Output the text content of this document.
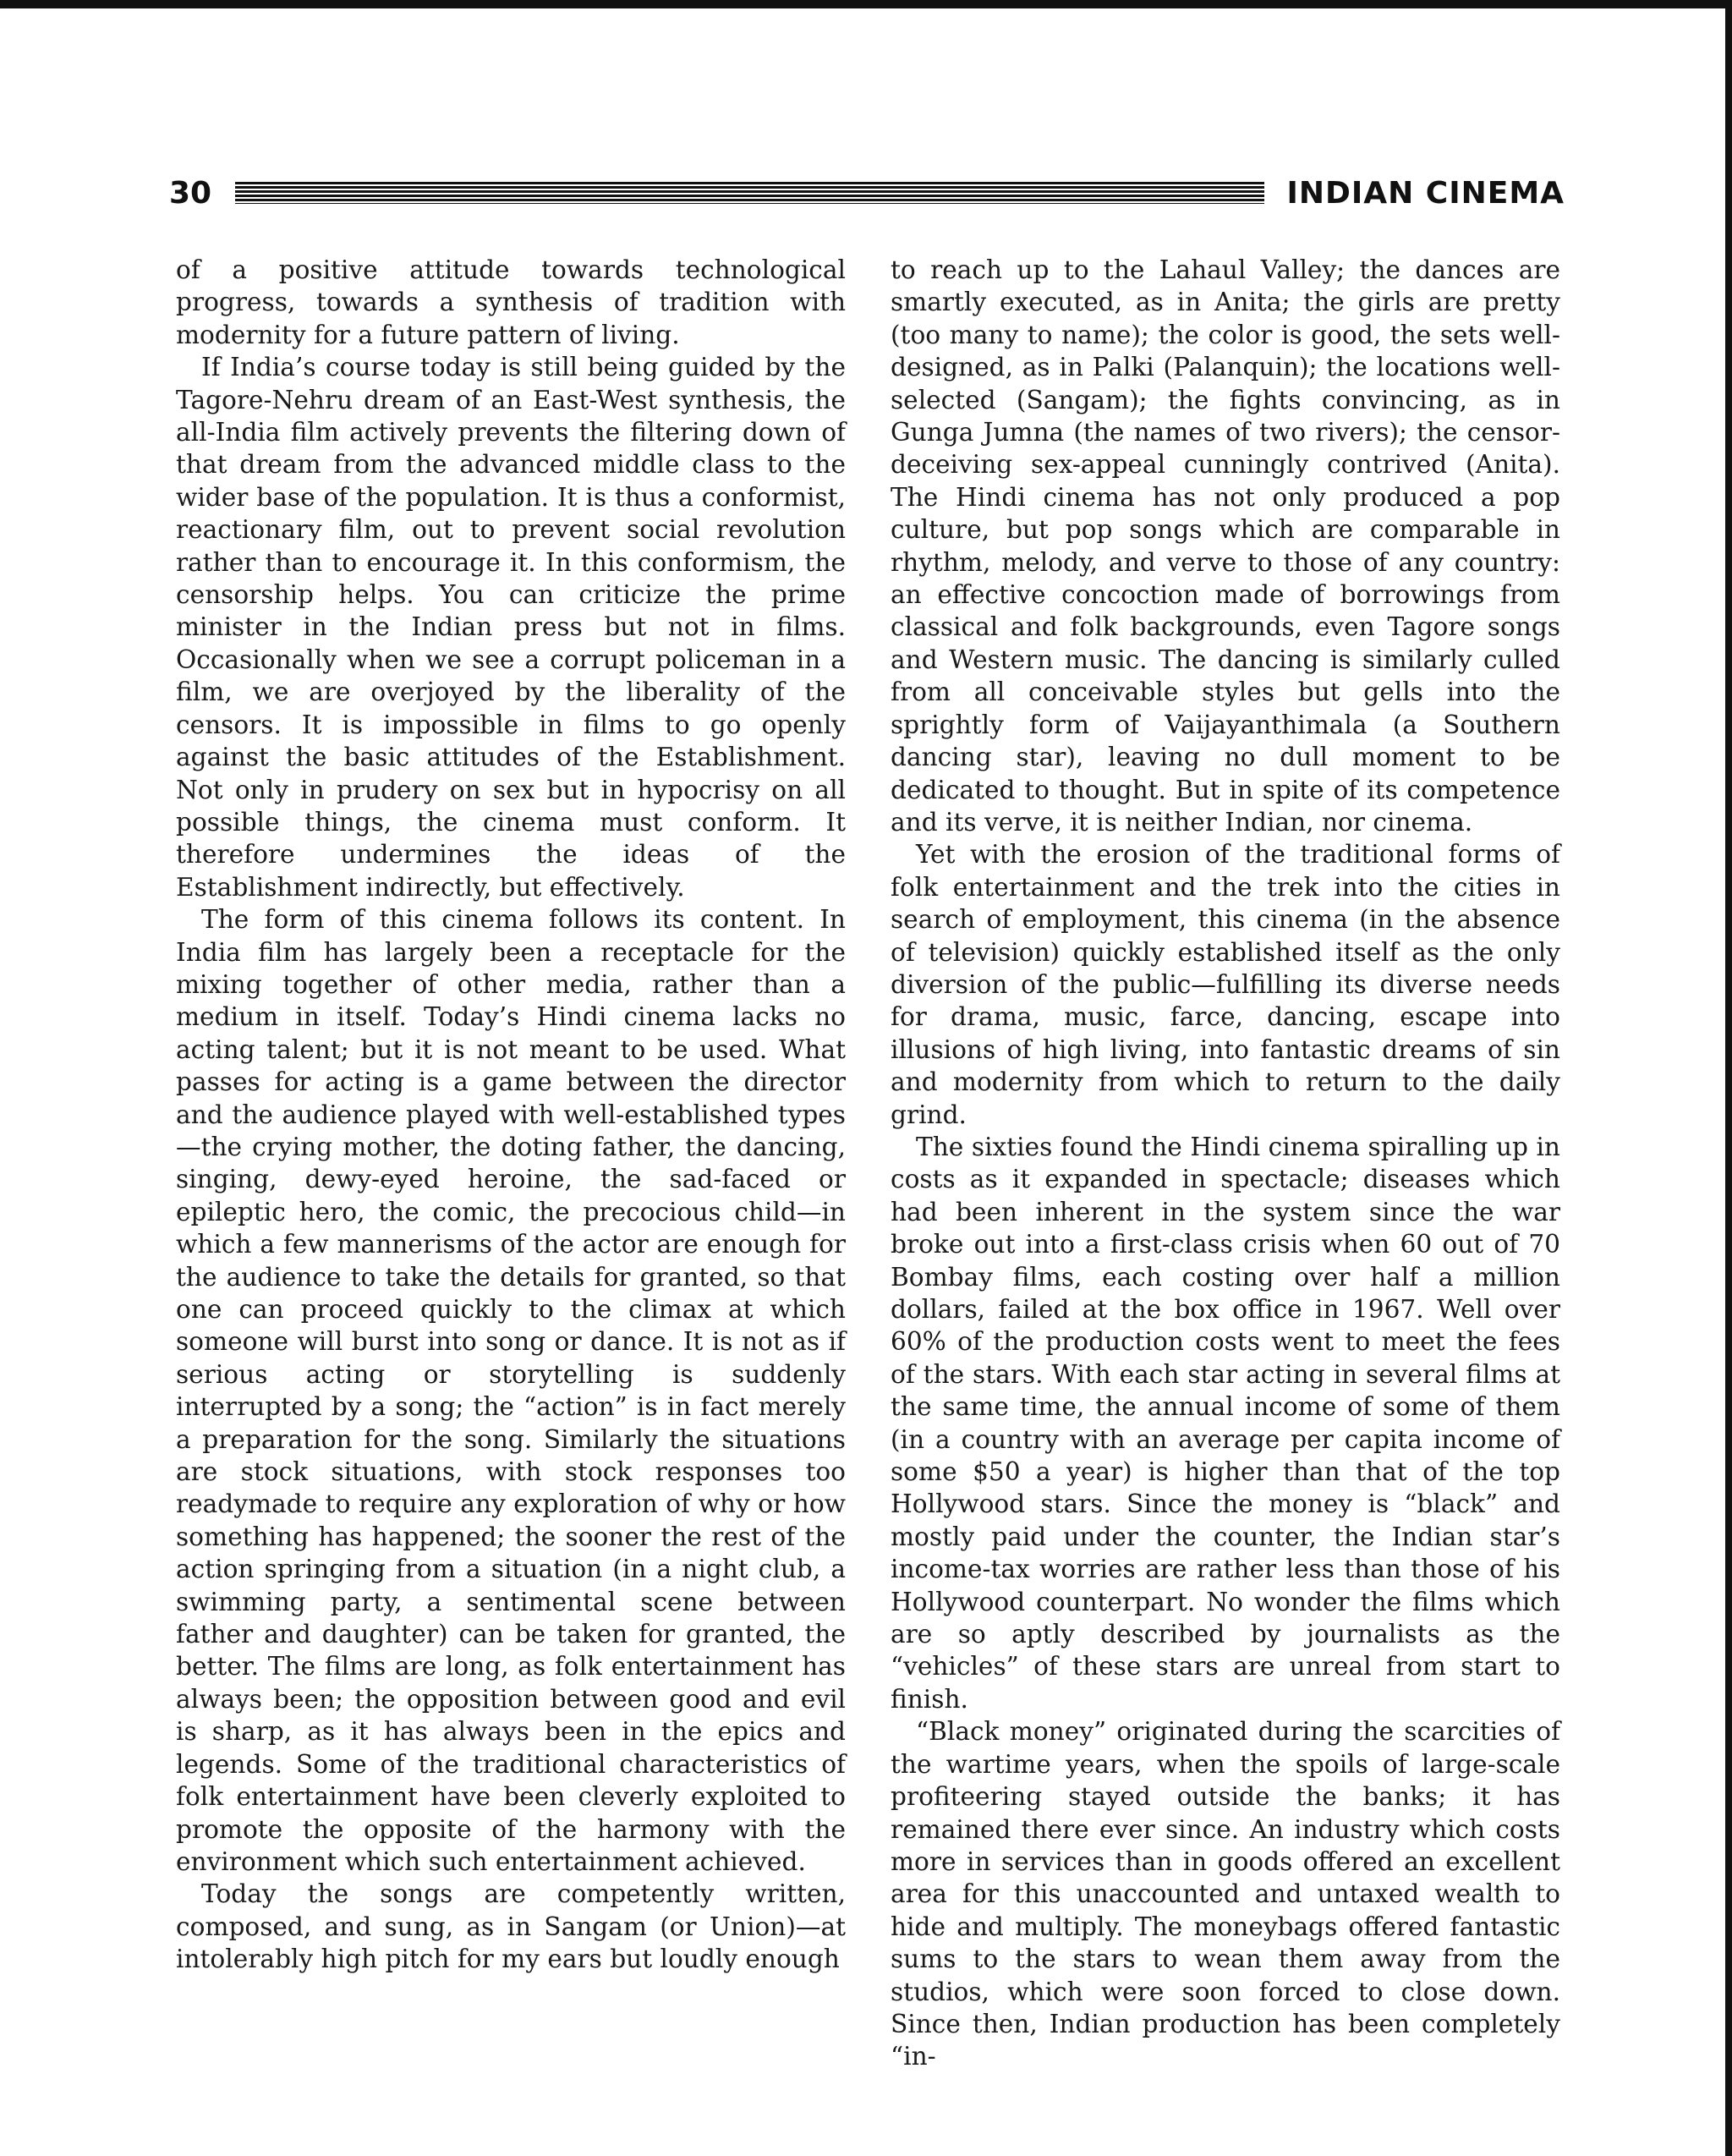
30	INDIAN CINEMA

of a positive attitude towards technological progress, towards a synthesis of tradition with modernity for a future pattern of living.

If India’s course today is still being guided by the Tagore-Nehru dream of an East-West synthesis, the all-India film actively prevents the filtering down of that dream from the advanced middle class to the wider base of the population. It is thus a conformist, reactionary film, out to prevent social revolution rather than to encourage it. In this conformism, the censorship helps. You can criticize the prime minister in the Indian press but not in films. Occasionally when we see a corrupt policeman in a film, we are overjoyed by the liberality of the censors. It is impossible in films to go openly against the basic attitudes of the Establishment. Not only in prudery on sex but in hypocrisy on all possible things, the cinema must conform. It therefore undermines the ideas of the Establishment indirectly, but effectively.

The form of this cinema follows its content. In India film has largely been a receptacle for the mixing together of other media, rather than a medium in itself. Today’s Hindi cinema lacks no acting talent; but it is not meant to be used. What passes for acting is a game between the director and the audience played with well-established types—the crying mother, the doting father, the dancing, singing, dewy-eyed heroine, the sad-faced or epileptic hero, the comic, the precocious child—in which a few mannerisms of the actor are enough for the audience to take the details for granted, so that one can proceed quickly to the climax at which someone will burst into song or dance. It is not as if serious acting or storytelling is suddenly interrupted by a song; the “action” is in fact merely a preparation for the song. Similarly the situations are stock situations, with stock responses too readymade to require any exploration of why or how something has happened; the sooner the rest of the action springing from a situation (in a night club, a swimming party, a sentimental scene between father and daughter) can be taken for granted, the better. The films are long, as folk entertainment has always been; the opposition between good and evil is sharp, as it has always been in the epics and legends. Some of the traditional characteristics of folk entertainment have been cleverly exploited to promote the opposite of the harmony with the environment which such entertainment achieved.

Today the songs are competently written, composed, and sung, as in Sangam (or Union)—at intolerably high pitch for my ears but loudly enough

to reach up to the Lahaul Valley; the dances are smartly executed, as in Anita; the girls are pretty (too many to name); the color is good, the sets well-designed, as in Palki (Palanquin); the locations well-selected (Sangam); the fights convincing, as in Gunga Jumna (the names of two rivers); the censor-deceiving sex-appeal cunningly contrived (Anita). The Hindi cinema has not only produced a pop culture, but pop songs which are comparable in rhythm, melody, and verve to those of any country: an effective concoction made of borrowings from classical and folk backgrounds, even Tagore songs and Western music. The dancing is similarly culled from all conceivable styles but gells into the sprightly form of Vaijayanthimala (a Southern dancing star), leaving no dull moment to be dedicated to thought. But in spite of its competence and its verve, it is neither Indian, nor cinema.

Yet with the erosion of the traditional forms of folk entertainment and the trek into the cities in search of employment, this cinema (in the absence of television) quickly established itself as the only diversion of the public—fulfilling its diverse needs for drama, music, farce, dancing, escape into illusions of high living, into fantastic dreams of sin and modernity from which to return to the daily grind.

The sixties found the Hindi cinema spiralling up in costs as it expanded in spectacle; diseases which had been inherent in the system since the war broke out into a first-class crisis when 60 out of 70 Bombay films, each costing over half a million dollars, failed at the box office in 1967. Well over 60% of the production costs went to meet the fees of the stars. With each star acting in several films at the same time, the annual income of some of them (in a country with an average per capita income of some $50 a year) is higher than that of the top Hollywood stars. Since the money is “black” and mostly paid under the counter, the Indian star’s income-tax worries are rather less than those of his Hollywood counterpart. No wonder the films which are so aptly described by journalists as the “vehicles” of these stars are unreal from start to finish.

“Black money” originated during the scarcities of the wartime years, when the spoils of large-scale profiteering stayed outside the banks; it has remained there ever since. An industry which costs more in services than in goods offered an excellent area for this unaccounted and untaxed wealth to hide and multiply. The moneybags offered fantastic sums to the stars to wean them away from the studios, which were soon forced to close down. Since then, Indian production has been completely “in-
